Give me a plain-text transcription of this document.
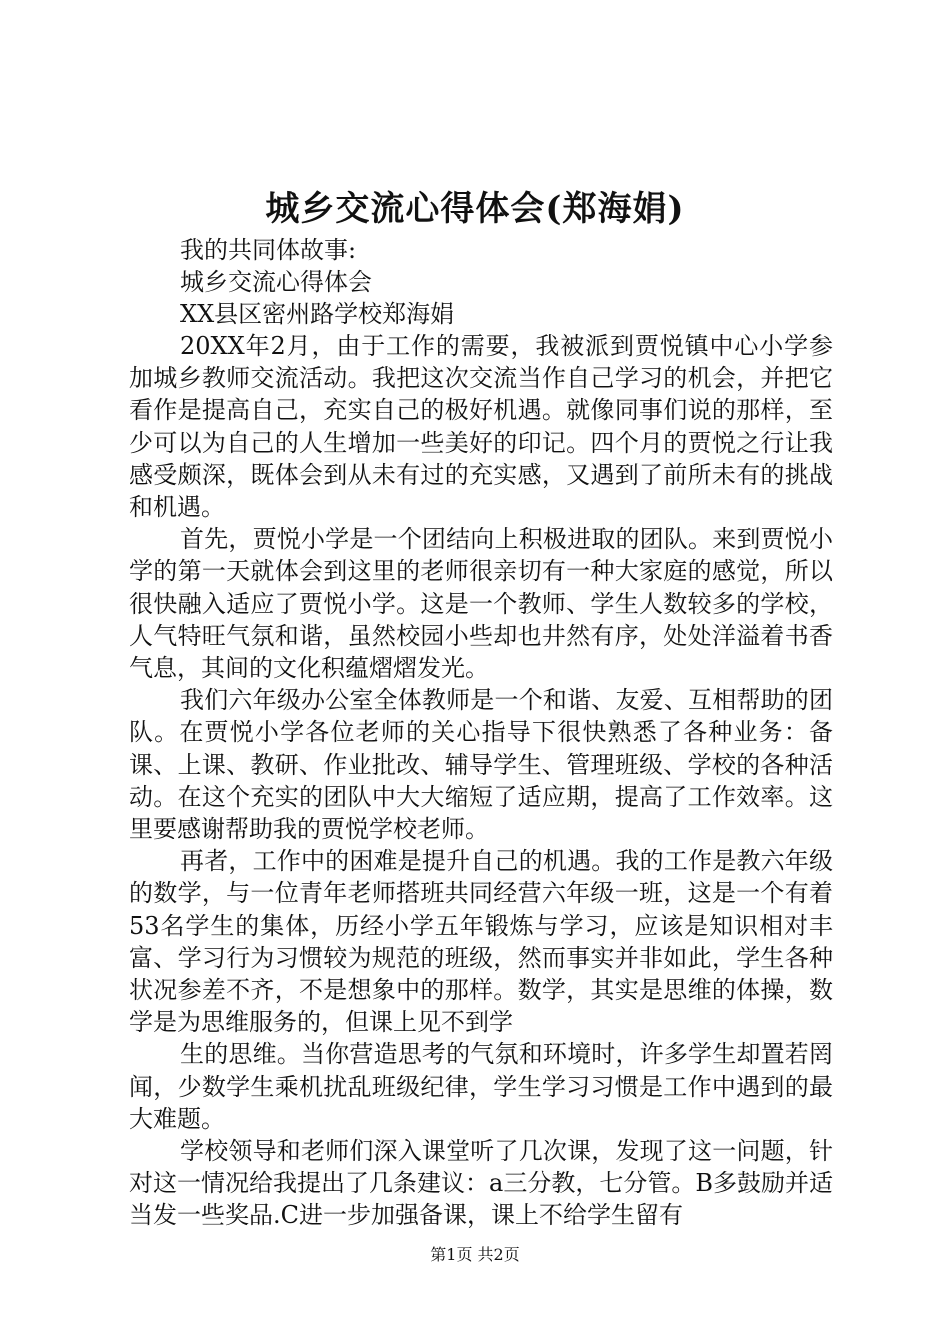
城乡交流心得体会(郑海娟)
我的共同体故事:
城乡交流心得体会
XX县区密州路学校郑海娟

20XX年2月，由于工作的需要，我被派到贾悦镇中心小学参加城乡教师交流活动。我把这次交流当作自己学习的机会，并把它看作是提高自己，充实自己的极好机遇。就像同事们说的那样，至少可以为自己的人生增加一些美好的印记。四个月的贾悦之行让我感受颇深，既体会到从未有过的充实感，又遇到了前所未有的挑战和机遇。

首先，贾悦小学是一个团结向上积极进取的团队。来到贾悦小学的第一天就体会到这里的老师很亲切有一种大家庭的感觉，所以很快融入适应了贾悦小学。这是一个教师、学生人数较多的学校，人气特旺气氛和谐，虽然校园小些却也井然有序，处处洋溢着书香气息，其间的文化积蕴熠熠发光。

我们六年级办公室全体教师是一个和谐、友爱、互相帮助的团队。在贾悦小学各位老师的关心指导下很快熟悉了各种业务：备课、上课、教研、作业批改、辅导学生、管理班级、学校的各种活动。在这个充实的团队中大大缩短了适应期，提高了工作效率。这里要感谢帮助我的贾悦学校老师。

再者，工作中的困难是提升自己的机遇。我的工作是教六年级的数学，与一位青年老师搭班共同经营六年级一班，这是一个有着53名学生的集体，历经小学五年锻炼与学习，应该是知识相对丰富、学习行为习惯较为规范的班级，然而事实并非如此，学生各种状况参差不齐，不是想象中的那样。数学，其实是思维的体操，数学是为思维服务的，但课上见不到学

生的思维。当你营造思考的气氛和环境时，许多学生却置若罔闻，少数学生乘机扰乱班级纪律，学生学习习惯是工作中遇到的最大难题。

学校领导和老师们深入课堂听了几次课，发现了这一问题，针对这一情况给我提出了几条建议：a三分教，七分管。B多鼓励并适当发一些奖品.C进一步加强备课，课上不给学生留有

第1页 共2页
